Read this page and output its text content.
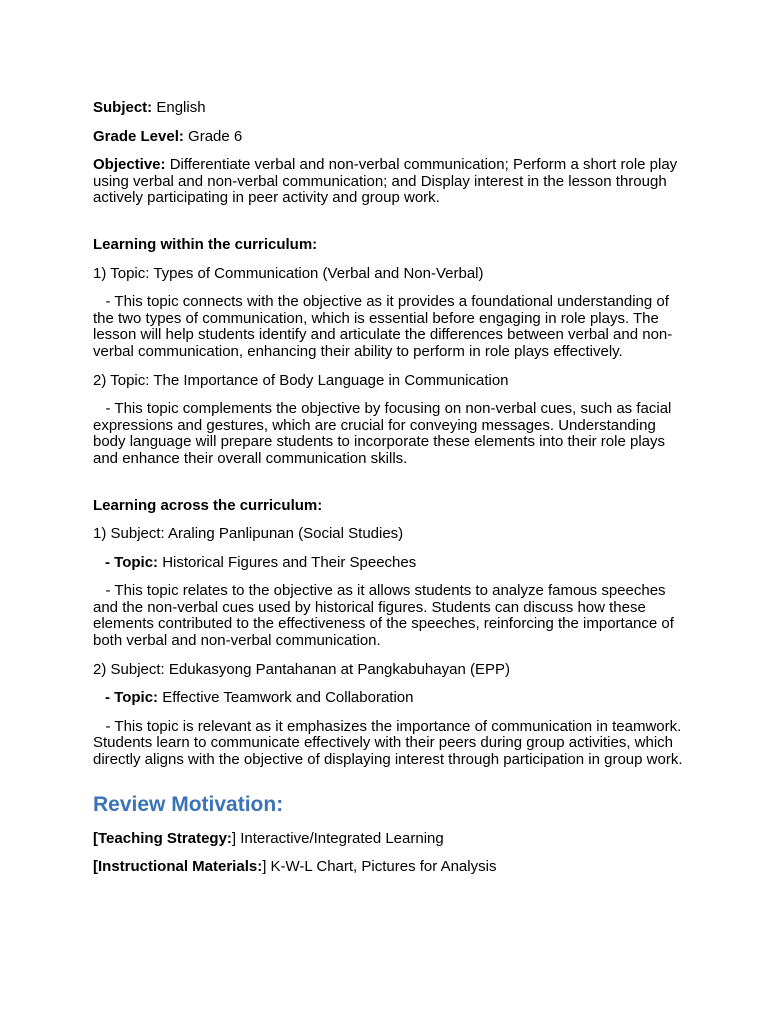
Subject: English

Grade Level: Grade 6

Objective: Differentiate verbal and non-verbal communication; Perform a short role play using verbal and non-verbal communication; and Display interest in the lesson through actively participating in peer activity and group work.

Learning within the curriculum:

1) Topic: Types of Communication (Verbal and Non-Verbal)

- This topic connects with the objective as it provides a foundational understanding of the two types of communication, which is essential before engaging in role plays. The lesson will help students identify and articulate the differences between verbal and non-verbal communication, enhancing their ability to perform in role plays effectively.

2) Topic: The Importance of Body Language in Communication

- This topic complements the objective by focusing on non-verbal cues, such as facial expressions and gestures, which are crucial for conveying messages. Understanding body language will prepare students to incorporate these elements into their role plays and enhance their overall communication skills.

Learning across the curriculum:

1) Subject: Araling Panlipunan (Social Studies)

- Topic: Historical Figures and Their Speeches

- This topic relates to the objective as it allows students to analyze famous speeches and the non-verbal cues used by historical figures. Students can discuss how these elements contributed to the effectiveness of the speeches, reinforcing the importance of both verbal and non-verbal communication.

2) Subject: Edukasyong Pantahanan at Pangkabuhayan (EPP)

- Topic: Effective Teamwork and Collaboration

- This topic is relevant as it emphasizes the importance of communication in teamwork. Students learn to communicate effectively with their peers during group activities, which directly aligns with the objective of displaying interest through participation in group work.

Review Motivation:

[Teaching Strategy:] Interactive/Integrated Learning

[Instructional Materials:] K-W-L Chart, Pictures for Analysis
